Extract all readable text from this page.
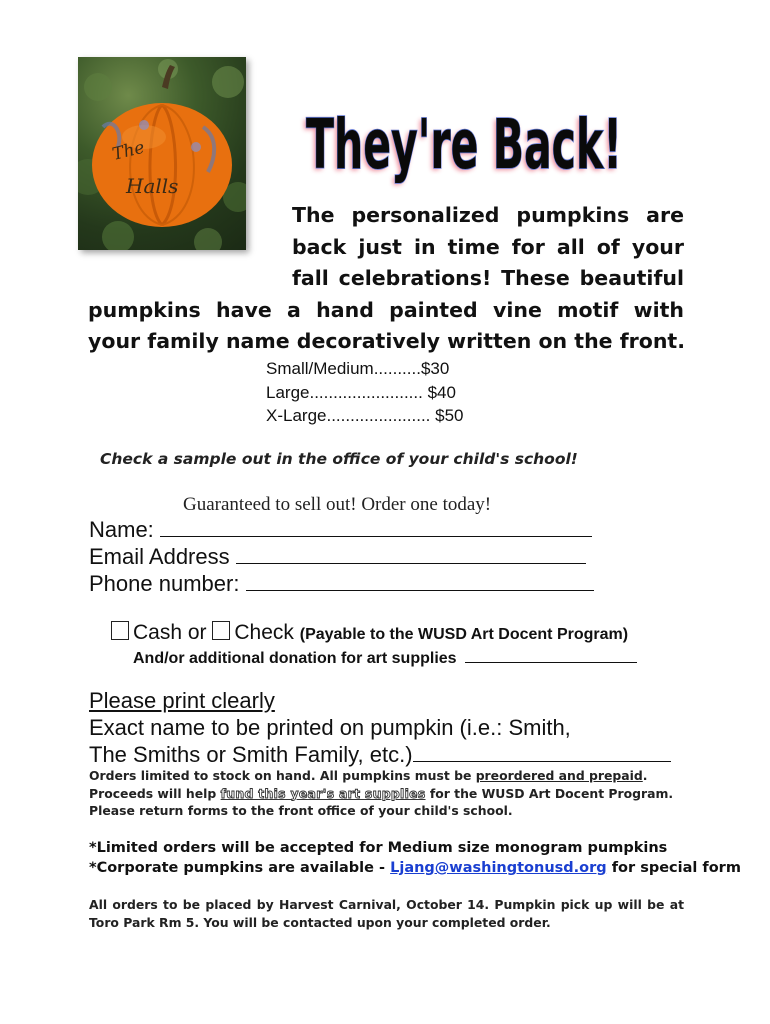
The
Halls They're Back!
They're Back!
The personalized pumpkins are
back just in time for all of your
fall celebrations! These beautiful
pumpkins have a hand painted vine motif with
your family name decoratively written on the front.
Small/Medium..........$30
Large........................ $40
X-Large...................... $50
Check a sample out in the office of your child's school!
Guaranteed to sell out! Order one today!
Name:
Email Address
Phone number:
Cash or Check (Payable to the WUSD Art Docent Program)
And/or additional donation for art supplies
Please print clearly
Exact name to be printed on pumpkin (i.e.: Smith,
The Smiths or Smith Family, etc.)
Orders limited to stock on hand. All pumpkins must be preordered and prepaid. Proceeds will help fund this year's art supplies for the WUSD Art Docent Program. Please return forms to the front office of your child's school.
*Limited orders will be accepted for Medium size monogram pumpkins
*Corporate pumpkins are available - Ljang@washingtonusd.org for special form
All orders to be placed by Harvest Carnival, October 14. Pumpkin pick up will be at Toro Park Rm 5. You will be contacted upon your completed order.
